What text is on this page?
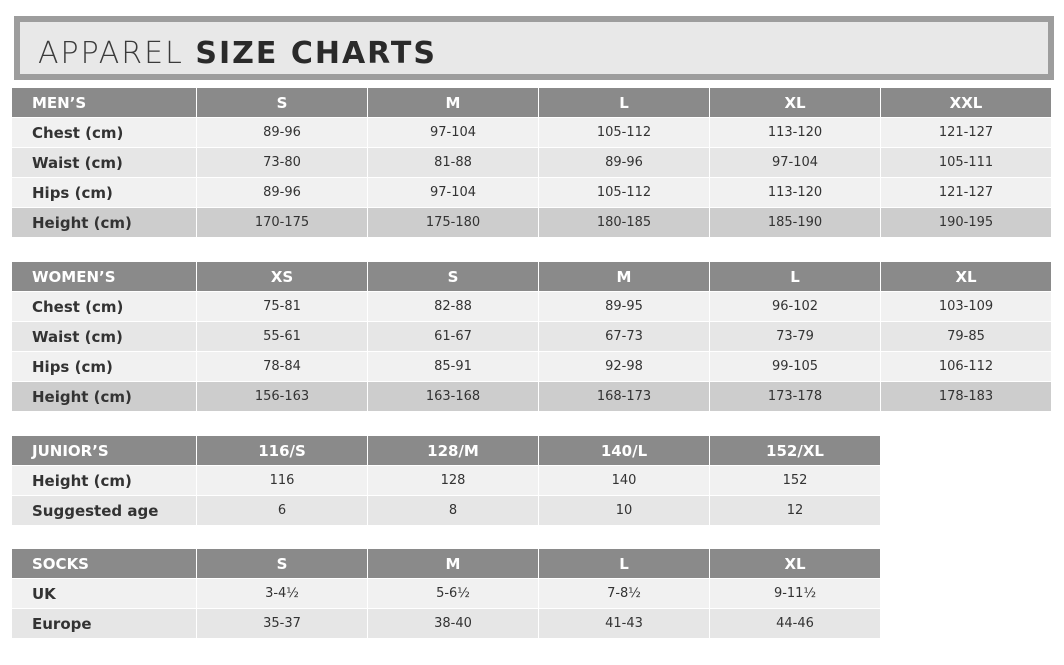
APPAREL SIZE CHARTS
MEN’S	S	M	L	XL	XXL
Chest (cm)	89-96	97-104	105-112	113-120	121-127
Waist (cm)	73-80	81-88	89-96	97-104	105-111
Hips (cm)	89-96	97-104	105-112	113-120	121-127
Height (cm)	170-175	175-180	180-185	185-190	190-195
WOMEN’S	XS	S	M	L	XL
Chest (cm)	75-81	82-88	89-95	96-102	103-109
Waist (cm)	55-61	61-67	67-73	73-79	79-85
Hips (cm)	78-84	85-91	92-98	99-105	106-112
Height (cm)	156-163	163-168	168-173	173-178	178-183
JUNIOR’S	116/S	128/M	140/L	152/XL
Height (cm)	116	128	140	152
Suggested age	6	8	10	12
SOCKS	S	M	L	XL
UK	3-4½	5-6½	7-8½	9-11½
Europe	35-37	38-40	41-43	44-46
